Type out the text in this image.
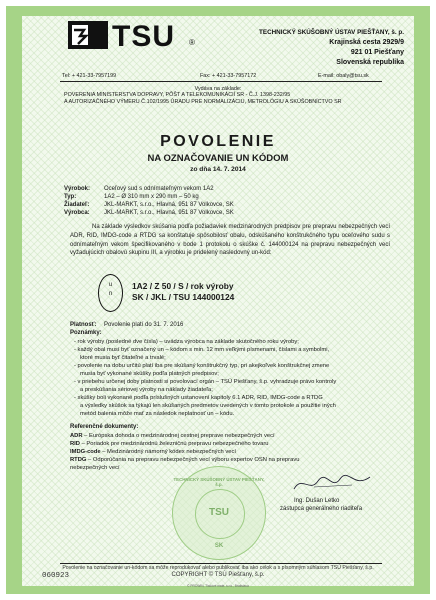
TSU ®
TECHNICKÝ SKÚŠOBNÝ ÚSTAV PIEŠŤANY, š. p.
Krajinská cesta 2929/9
921 01 Piešťany
Slovenská republika
Tel: + 421-33-7957199	Fax: + 421-33-7957172	E-mail: obaly@tsu.sk
Vydáva na základe:
POVERENIA MINISTERSTVA DOPRAVY, PÔŠT A TELEKOMUNIKÁCIÍ SR - Č.J. 1398-232/95
A AUTORIZAČNÉHO VÝMERU Č.102/1995 ÚRADU PRE NORMALIZÁCIU, METROLÓGIU A SKÚŠOBNÍCTVO SR
POVOLENIE
NA OZNAČOVANIE UN KÓDOM
zo dňa 14. 7. 2014
Výrobok: Oceľový sud s odnímateľným vekom 1A2
Typ:	1A2 – Ø 310 mm x 290 mm – 50 kg
Žiadateľ: JKL-MARKT, s.r.o., Hlavná, 951 87 Volkovce, SK
Výrobca: JKL-MARKT, s.r.o., Hlavná, 951 87 Volkovce, SK
Na základe výsledkov skúšania podľa požiadaviek medzinárodných predpisov pre prepravu nebezpečných vecí ADR, RID, IMDG-code a RTDG sa konštatuje spôsobilosť obalu, odskúšaného konštrukčného typu oceľového sudu s odnímateľným vekom špecifikovaného v bode 1 protokolu o skúške č. 144000124 na prepravu nebezpečných vecí vyžadujúcich obalovú skupinu III, a výrobku je pridelený nasledovný un-kód:
u
n
1A2 / Z 50 / S / rok výroby
SK / JKL / TSU 144000124
Platnosť: Povolenie platí do 31. 7. 2016
Poznámky:
- rok výroby (posledné dve čísla) – uvádza výrobca na základe skutočného roku výroby;
- každý obal musí byť označený un – kódom s min. 12 mm veľkými písmenami, číslami a symbolmi,
ktoré musia byť čitateľné a trvalé;
- povolenie na dobu určitú platí iba pre skúšaný konštrukčný typ, pri akejkoľvek konštrukčnej zmene
musia byť vykonané skúšky podľa platných predpisov;
- v priebehu určenej doby platnosti si povolovací orgán – TSÚ Piešťany, š.p. vyhradzuje právo kontroly
a preskúšania sériovej výroby na náklady žiadateľa;
- skúšky boli vykonané podľa príslušných ustanovení kapitoly 6.1 ADR, RID, IMDG-code a RTDG
a výsledky skúšok sa týkajú len skúšaných predmetov uvedených v tomto protokole a použitie iných
metód balenia môže mať za následok neplatnosť un – kódu.
Referenčné dokumenty:
ADR – Európska dohoda o medzinárodnej cestnej preprave nebezpečných vecí
RID – Poriadok pre medzinárodnú železničnú prepravu nebezpečného tovaru
IMDG-code – Medzinárodný námorný kódex nebezpečných vecí
RTDG – Odporúčania na prepravu nebezpečných vecí výboru expertov OSN na prepravu
nebezpečných vecí
TECHNICKÝ SKÚŠOBNÝ ÚSTAV PIEŠŤANY, š.p.
TSU
SK
Ing. Dušan Letko
zástupca generálneho riaditeľa
Povolenie na označovanie un-kódom sa môže reprodukovať alebo publikovať iba ako celok a s písomným súhlasom TSÚ Piešťany, š.p.
COPYRIGHT © TSÚ Piešťany, š.p.
060923
© PROWIN, Tlačové mate. s.r.o., Bratislava
